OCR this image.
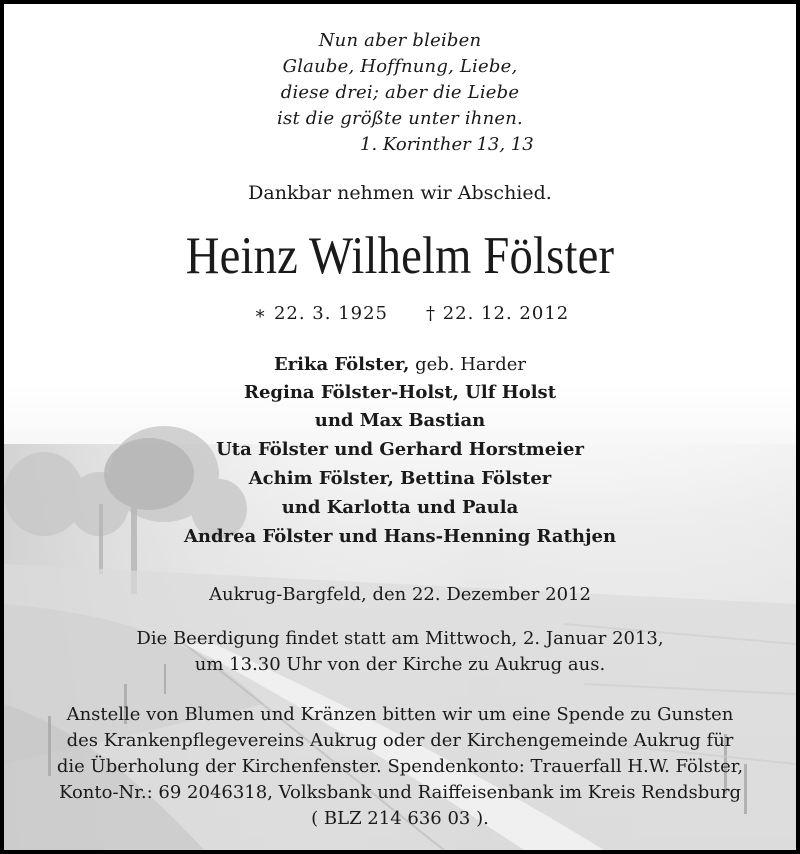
Nun aber bleiben
Glaube, Hoffnung, Liebe,
diese drei; aber die Liebe
ist die größte unter ihnen.
1. Korinther 13, 13
Dankbar nehmen wir Abschied.
Heinz Wilhelm Fölster
∗ 22. 3. 1925 † 22. 12. 2012
Erika Fölster, geb. Harder
Regina Fölster-Holst, Ulf Holst
und Max Bastian
Uta Fölster und Gerhard Horstmeier
Achim Fölster, Bettina Fölster
und Karlotta und Paula
Andrea Fölster und Hans-Henning Rathjen
Aukrug-Bargfeld, den 22. Dezember 2012
Die Beerdigung findet statt am Mittwoch, 2. Januar 2013,
um 13.30 Uhr von der Kirche zu Aukrug aus.
Anstelle von Blumen und Kränzen bitten wir um eine Spende zu Gunsten
des Krankenpflegevereins Aukrug oder der Kirchengemeinde Aukrug für
die Überholung der Kirchenfenster. Spendenkonto: Trauerfall H.W. Fölster,
Konto-Nr.: 69 2046318, Volksbank und Raiffeisenbank im Kreis Rendsburg
( BLZ 214 636 03 ).
